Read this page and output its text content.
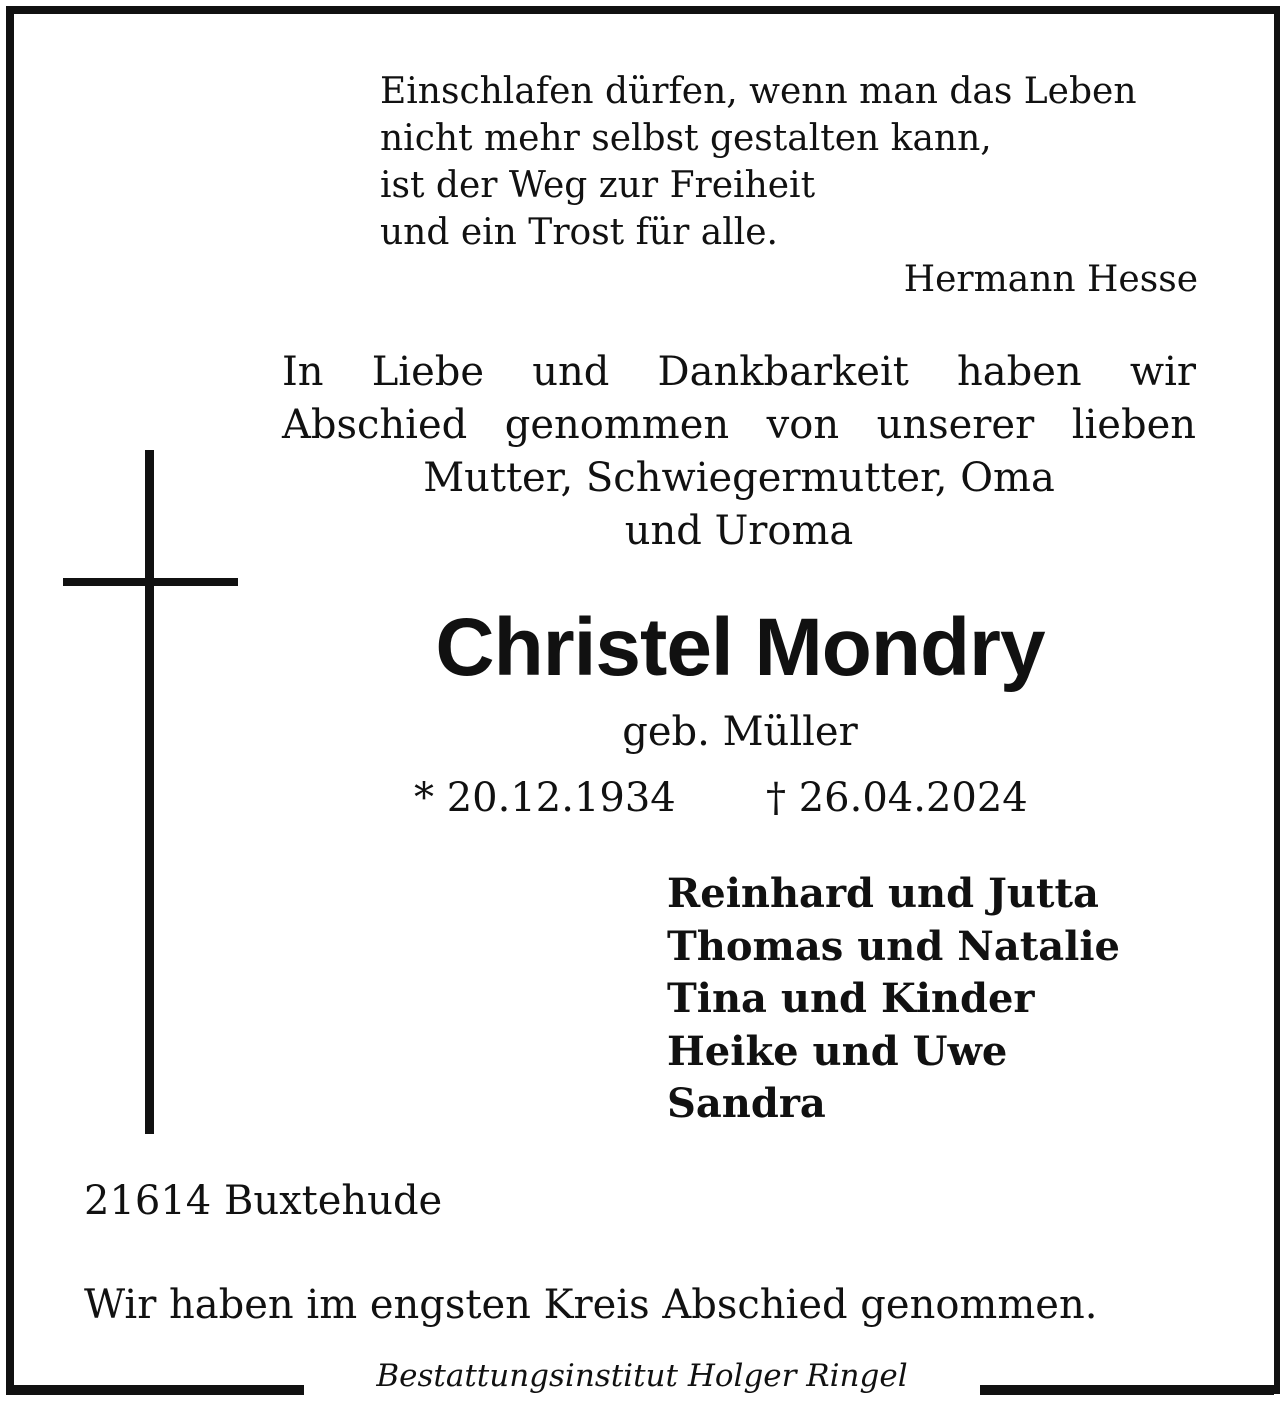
Einschlafen dürfen, wenn man das Leben
nicht mehr selbst gestalten kann,
ist der Weg zur Freiheit
und ein Trost für alle.
Hermann Hesse
In Liebe und Dankbarkeit haben wir
Abschied genommen von unserer lieben
Mutter, Schwiegermutter, Oma
und Uroma
Christel Mondry
geb. Müller
* 20.12.1934 † 26.04.2024
Reinhard und Jutta
Thomas und Natalie
Tina und Kinder
Heike und Uwe
Sandra
21614 Buxtehude
Wir haben im engsten Kreis Abschied genommen.
Bestattungsinstitut Holger Ringel
